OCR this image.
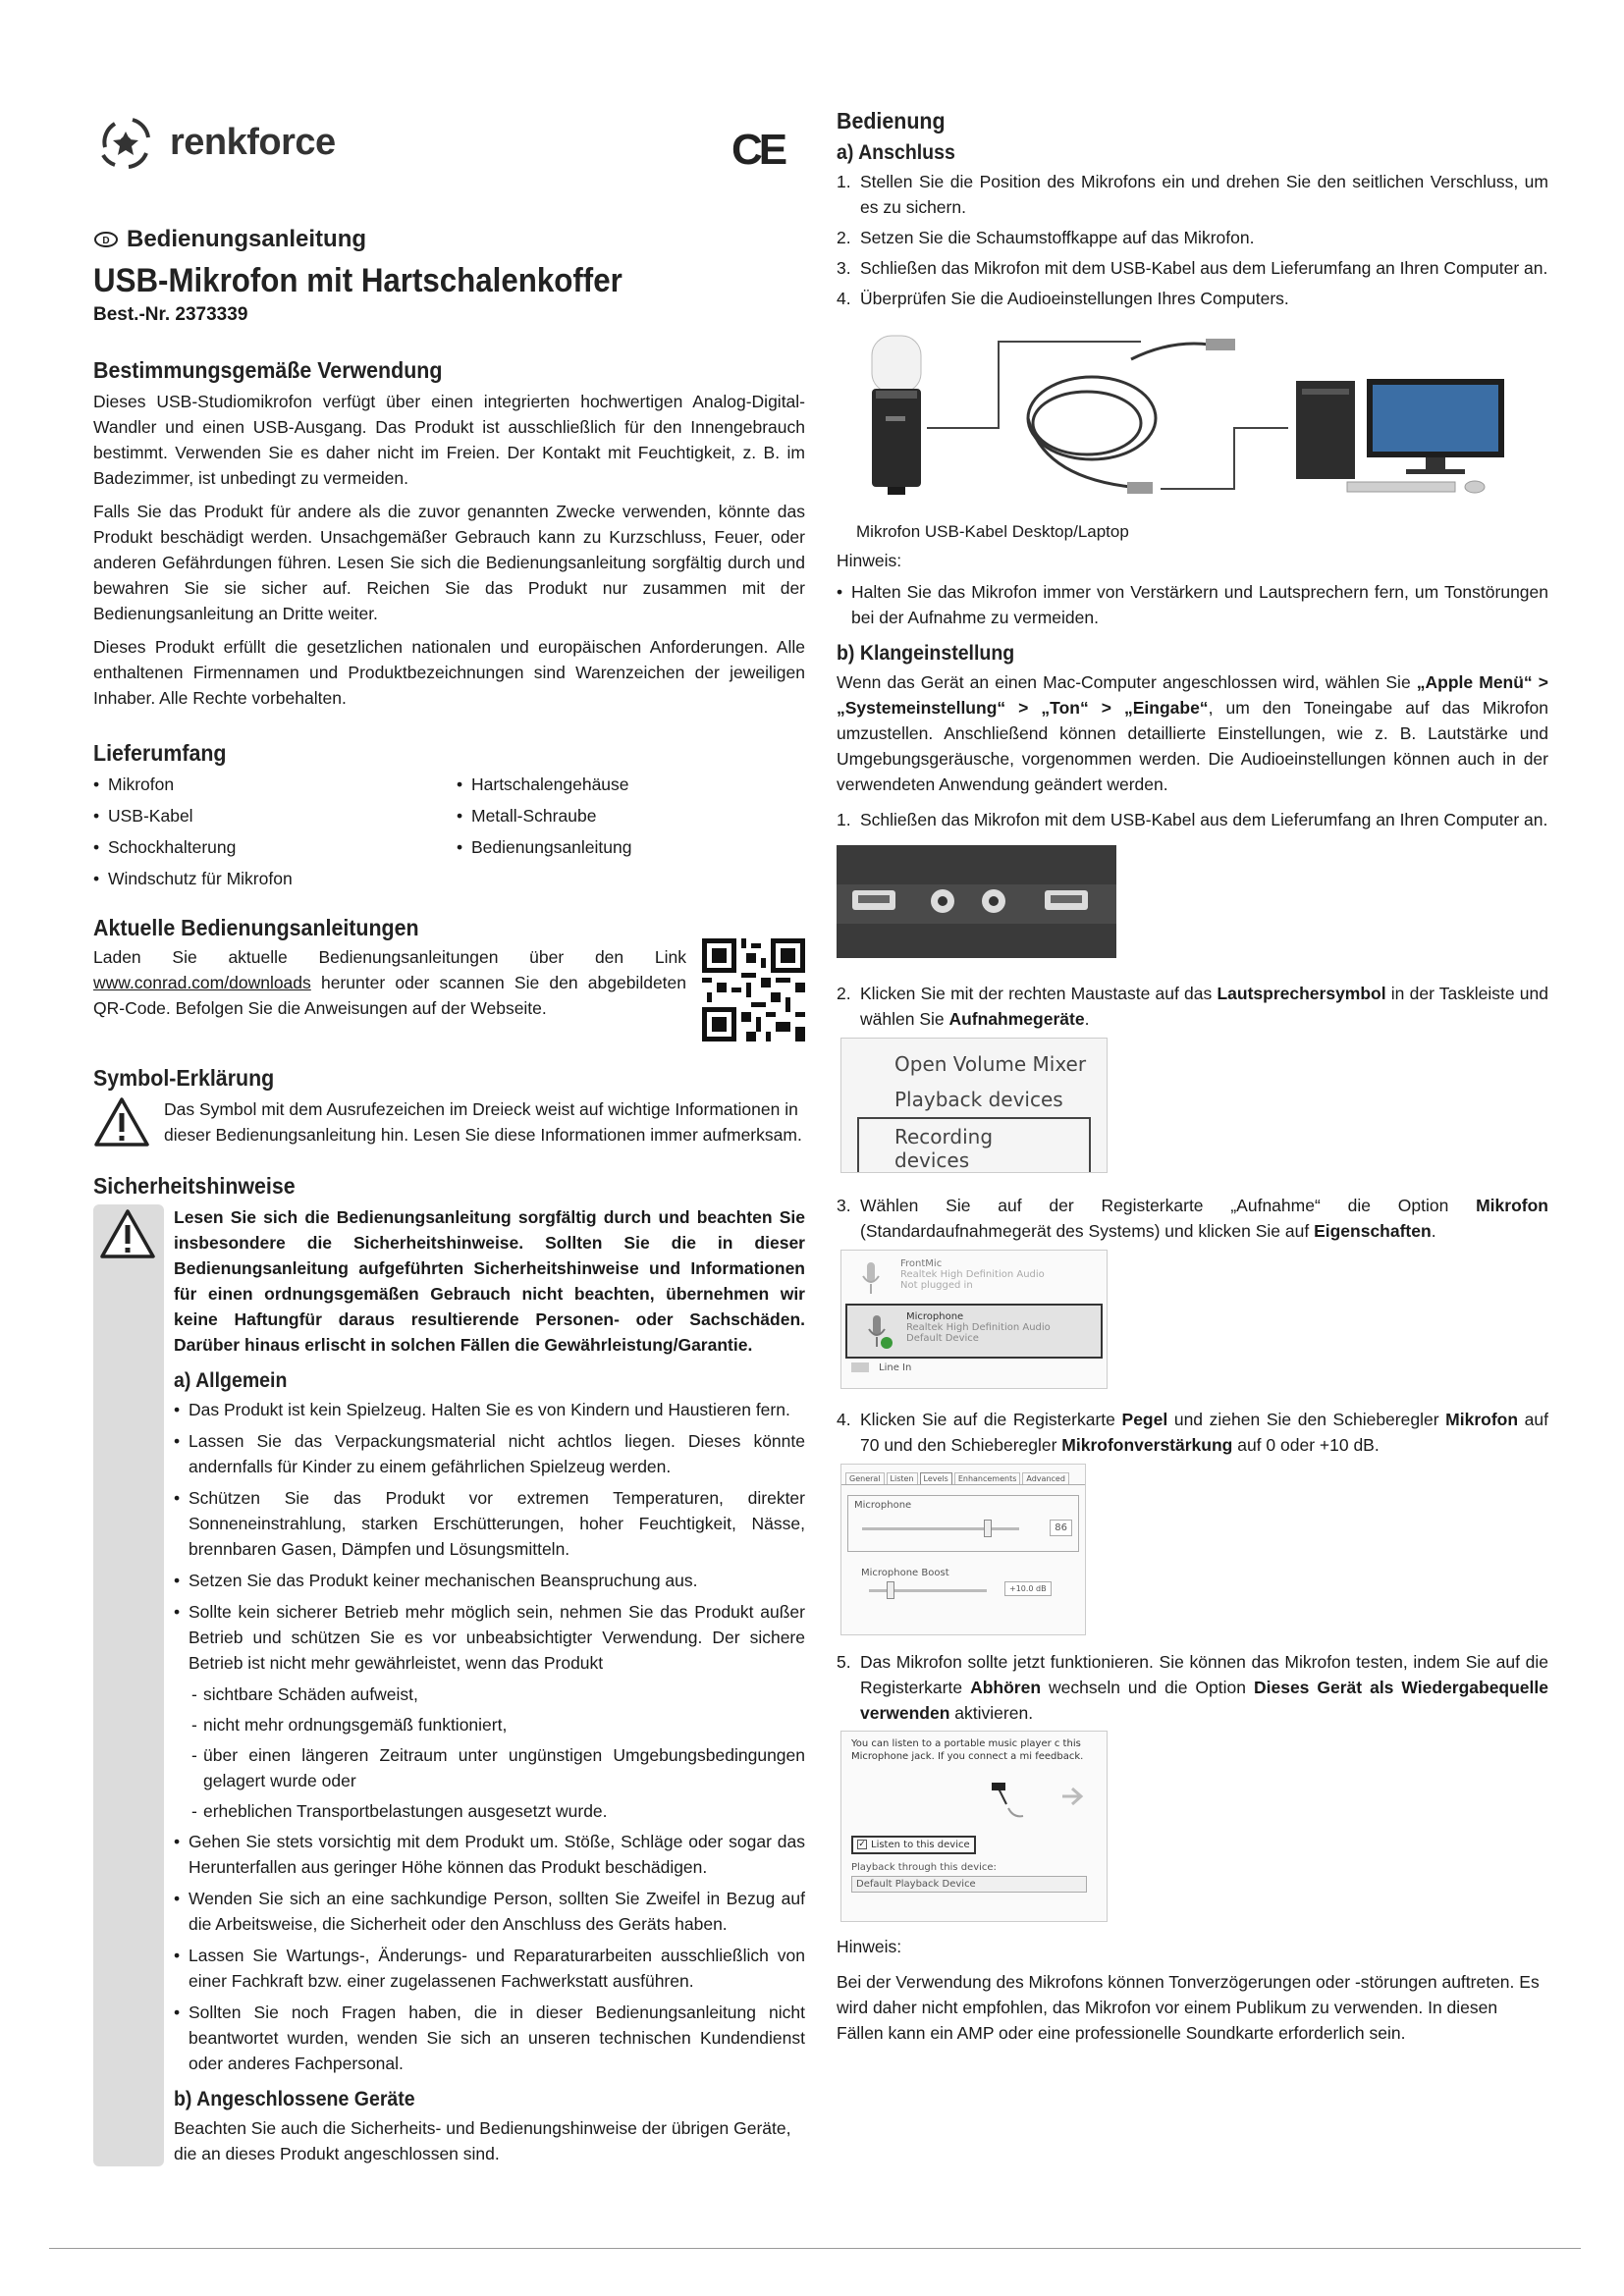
renkforce
D Bedienungsanleitung
USB-Mikrofon mit Hartschalenkoffer
Best.-Nr. 2373339
Bestimmungsgemäße Verwendung

Dieses USB-Studiomikrofon verfügt über einen integrierten hochwertigen Analog-Digital-Wandler und einen USB-Ausgang. Das Produkt ist ausschließlich für den Innengebrauch bestimmt. Verwenden Sie es daher nicht im Freien. Der Kontakt mit Feuchtigkeit, z. B. im Badezimmer, ist unbedingt zu vermeiden.

Falls Sie das Produkt für andere als die zuvor genannten Zwecke verwenden, könnte das Produkt beschädigt werden. Unsachgemäßer Gebrauch kann zu Kurzschluss, Feuer, oder anderen Gefährdungen führen. Lesen Sie sich die Bedienungsanleitung sorgfältig durch und bewahren Sie sie sicher auf. Reichen Sie das Produkt nur zusammen mit der Bedienungsanleitung an Dritte weiter.

Dieses Produkt erfüllt die gesetzlichen nationalen und europäischen Anforderungen. Alle enthaltenen Firmennamen und Produktbezeichnungen sind Warenzeichen der jeweiligen Inhaber. Alle Rechte vorbehalten.

Lieferumfang
• Mikrofon	• Hartschalengehäuse
• USB-Kabel	• Metall-Schraube
• Schockhalterung	• Bedienungsanleitung
• Windschutz für Mikrofon
Aktuelle Bedienungsanleitungen

Laden Sie aktuelle Bedienungsanleitungen über den Link www.conrad.com/downloads herunter oder scannen Sie den abgebildeten QR-Code. Befolgen Sie die Anweisungen auf der Webseite.

Symbol-Erklärung

Das Symbol mit dem Ausrufezeichen im Dreieck weist auf wichtige Informationen in dieser Bedienungsanleitung hin. Lesen Sie diese Informationen immer aufmerksam.

Sicherheitshinweise

Lesen Sie sich die Bedienungsanleitung sorgfältig durch und beachten Sie insbesondere die Sicherheitshinweise. Sollten Sie die in dieser Bedienungsanleitung aufgeführten Sicherheitshinweise und Informationen für einen ordnungsgemäßen Gebrauch nicht beachten, übernehmen wir keine Haftungfür daraus resultierende Personen- oder Sachschäden. Darüber hinaus erlischt in solchen Fällen die Gewährleistung/Garantie.

a) Allgemein
• Das Produkt ist kein Spielzeug. Halten Sie es von Kindern und Haustieren fern.
• Lassen Sie das Verpackungsmaterial nicht achtlos liegen. Dieses könnte andernfalls für Kinder zu einem gefährlichen Spielzeug werden.
• Schützen Sie das Produkt vor extremen Temperaturen, direkter Sonneneinstrahlung, starken Erschütterungen, hoher Feuchtigkeit, Nässe, brennbaren Gasen, Dämpfen und Lösungsmitteln.
• Setzen Sie das Produkt keiner mechanischen Beanspruchung aus.
• Sollte kein sicherer Betrieb mehr möglich sein, nehmen Sie das Produkt außer Betrieb und schützen Sie es vor unbeabsichtigter Verwendung. Der sichere Betrieb ist nicht mehr gewährleistet, wenn das Produkt
- sichtbare Schäden aufweist,
- nicht mehr ordnungsgemäß funktioniert,
- über einen längeren Zeitraum unter ungünstigen Umgebungsbedingungen gelagert wurde oder
- erheblichen Transportbelastungen ausgesetzt wurde.
• Gehen Sie stets vorsichtig mit dem Produkt um. Stöße, Schläge oder sogar das Herunterfallen aus geringer Höhe können das Produkt beschädigen.
• Wenden Sie sich an eine sachkundige Person, sollten Sie Zweifel in Bezug auf die Arbeitsweise, die Sicherheit oder den Anschluss des Geräts haben.
• Lassen Sie Wartungs-, Änderungs- und Reparaturarbeiten ausschließlich von einer Fachkraft bzw. einer zugelassenen Fachwerkstatt ausführen.
• Sollten Sie noch Fragen haben, die in dieser Bedienungsanleitung nicht beantwortet wurden, wenden Sie sich an unseren technischen Kundendienst oder anderes Fachpersonal.
b) Angeschlossene Geräte

Beachten Sie auch die Sicherheits- und Bedienungshinweise der übrigen Geräte, die an dieses Produkt angeschlossen sind.

CE
Bedienung
a) Anschluss
1. Stellen Sie die Position des Mikrofons ein und drehen Sie den seitlichen Verschluss, um es zu sichern.
2. Setzen Sie die Schaumstoffkappe auf das Mikrofon.
3. Schließen das Mikrofon mit dem USB-Kabel aus dem Lieferumfang an Ihren Computer an.
4. Überprüfen Sie die Audioeinstellungen Ihres Computers.
Mikrofon USB-Kabel Desktop/Laptop

Hinweis:

• Halten Sie das Mikrofon immer von Verstärkern und Lautsprechern fern, um Tonstörungen bei der Aufnahme zu vermeiden.
b) Klangeinstellung

Wenn das Gerät an einen Mac-Computer angeschlossen wird, wählen Sie „Apple Menü“ > „Systemeinstellung“ > „Ton“ > „Eingabe“, um den Toneingabe auf das Mikrofon umzustellen. Anschließend können detaillierte Einstellungen, wie z. B. Lautstärke und Umgebungsgeräusche, vorgenommen werden. Die Audioeinstellungen können auch in der verwendeten Anwendung geändert werden.

1. Schließen das Mikrofon mit dem USB-Kabel aus dem Lieferumfang an Ihren Computer an.
2. Klicken Sie mit der rechten Maustaste auf das Lautsprechersymbol in der Taskleiste und wählen Sie Aufnahmegeräte.
Open Volume Mixer
Playback devices
Recording devices
3. Wählen Sie auf der Registerkarte „Aufnahme“ die Option Mikrofon (Standardaufnahmegerät des Systems) und klicken Sie auf Eigenschaften.
FrontMic
Realtek High Definition Audio
Not plugged in
Microphone
Realtek High Definition Audio
Default Device
Line In
4. Klicken Sie auf die Registerkarte Pegel und ziehen Sie den Schieberegler Mikrofon auf 70 und den Schieberegler Mikrofonverstärkung auf 0 oder +10 dB.
General	Listen	Levels	Enhancements	Advanced
Microphone
86
Microphone Boost
+10.0 dB
5. Das Mikrofon sollte jetzt funktionieren. Sie können das Mikrofon testen, indem Sie auf die Registerkarte Abhören wechseln und die Option Dieses Gerät als Wiedergabequelle verwenden aktivieren.
You can listen to a portable music player c this Microphone jack. If you connect a mi feedback.

✓ Listen to this device
Playback through this device:
Default Playback Device

Hinweis:

Bei der Verwendung des Mikrofons können Tonverzögerungen oder -störungen auftreten. Es wird daher nicht empfohlen, das Mikrofon vor einem Publikum zu verwenden. In diesen Fällen kann ein AMP oder eine professionelle Soundkarte erforderlich sein.
